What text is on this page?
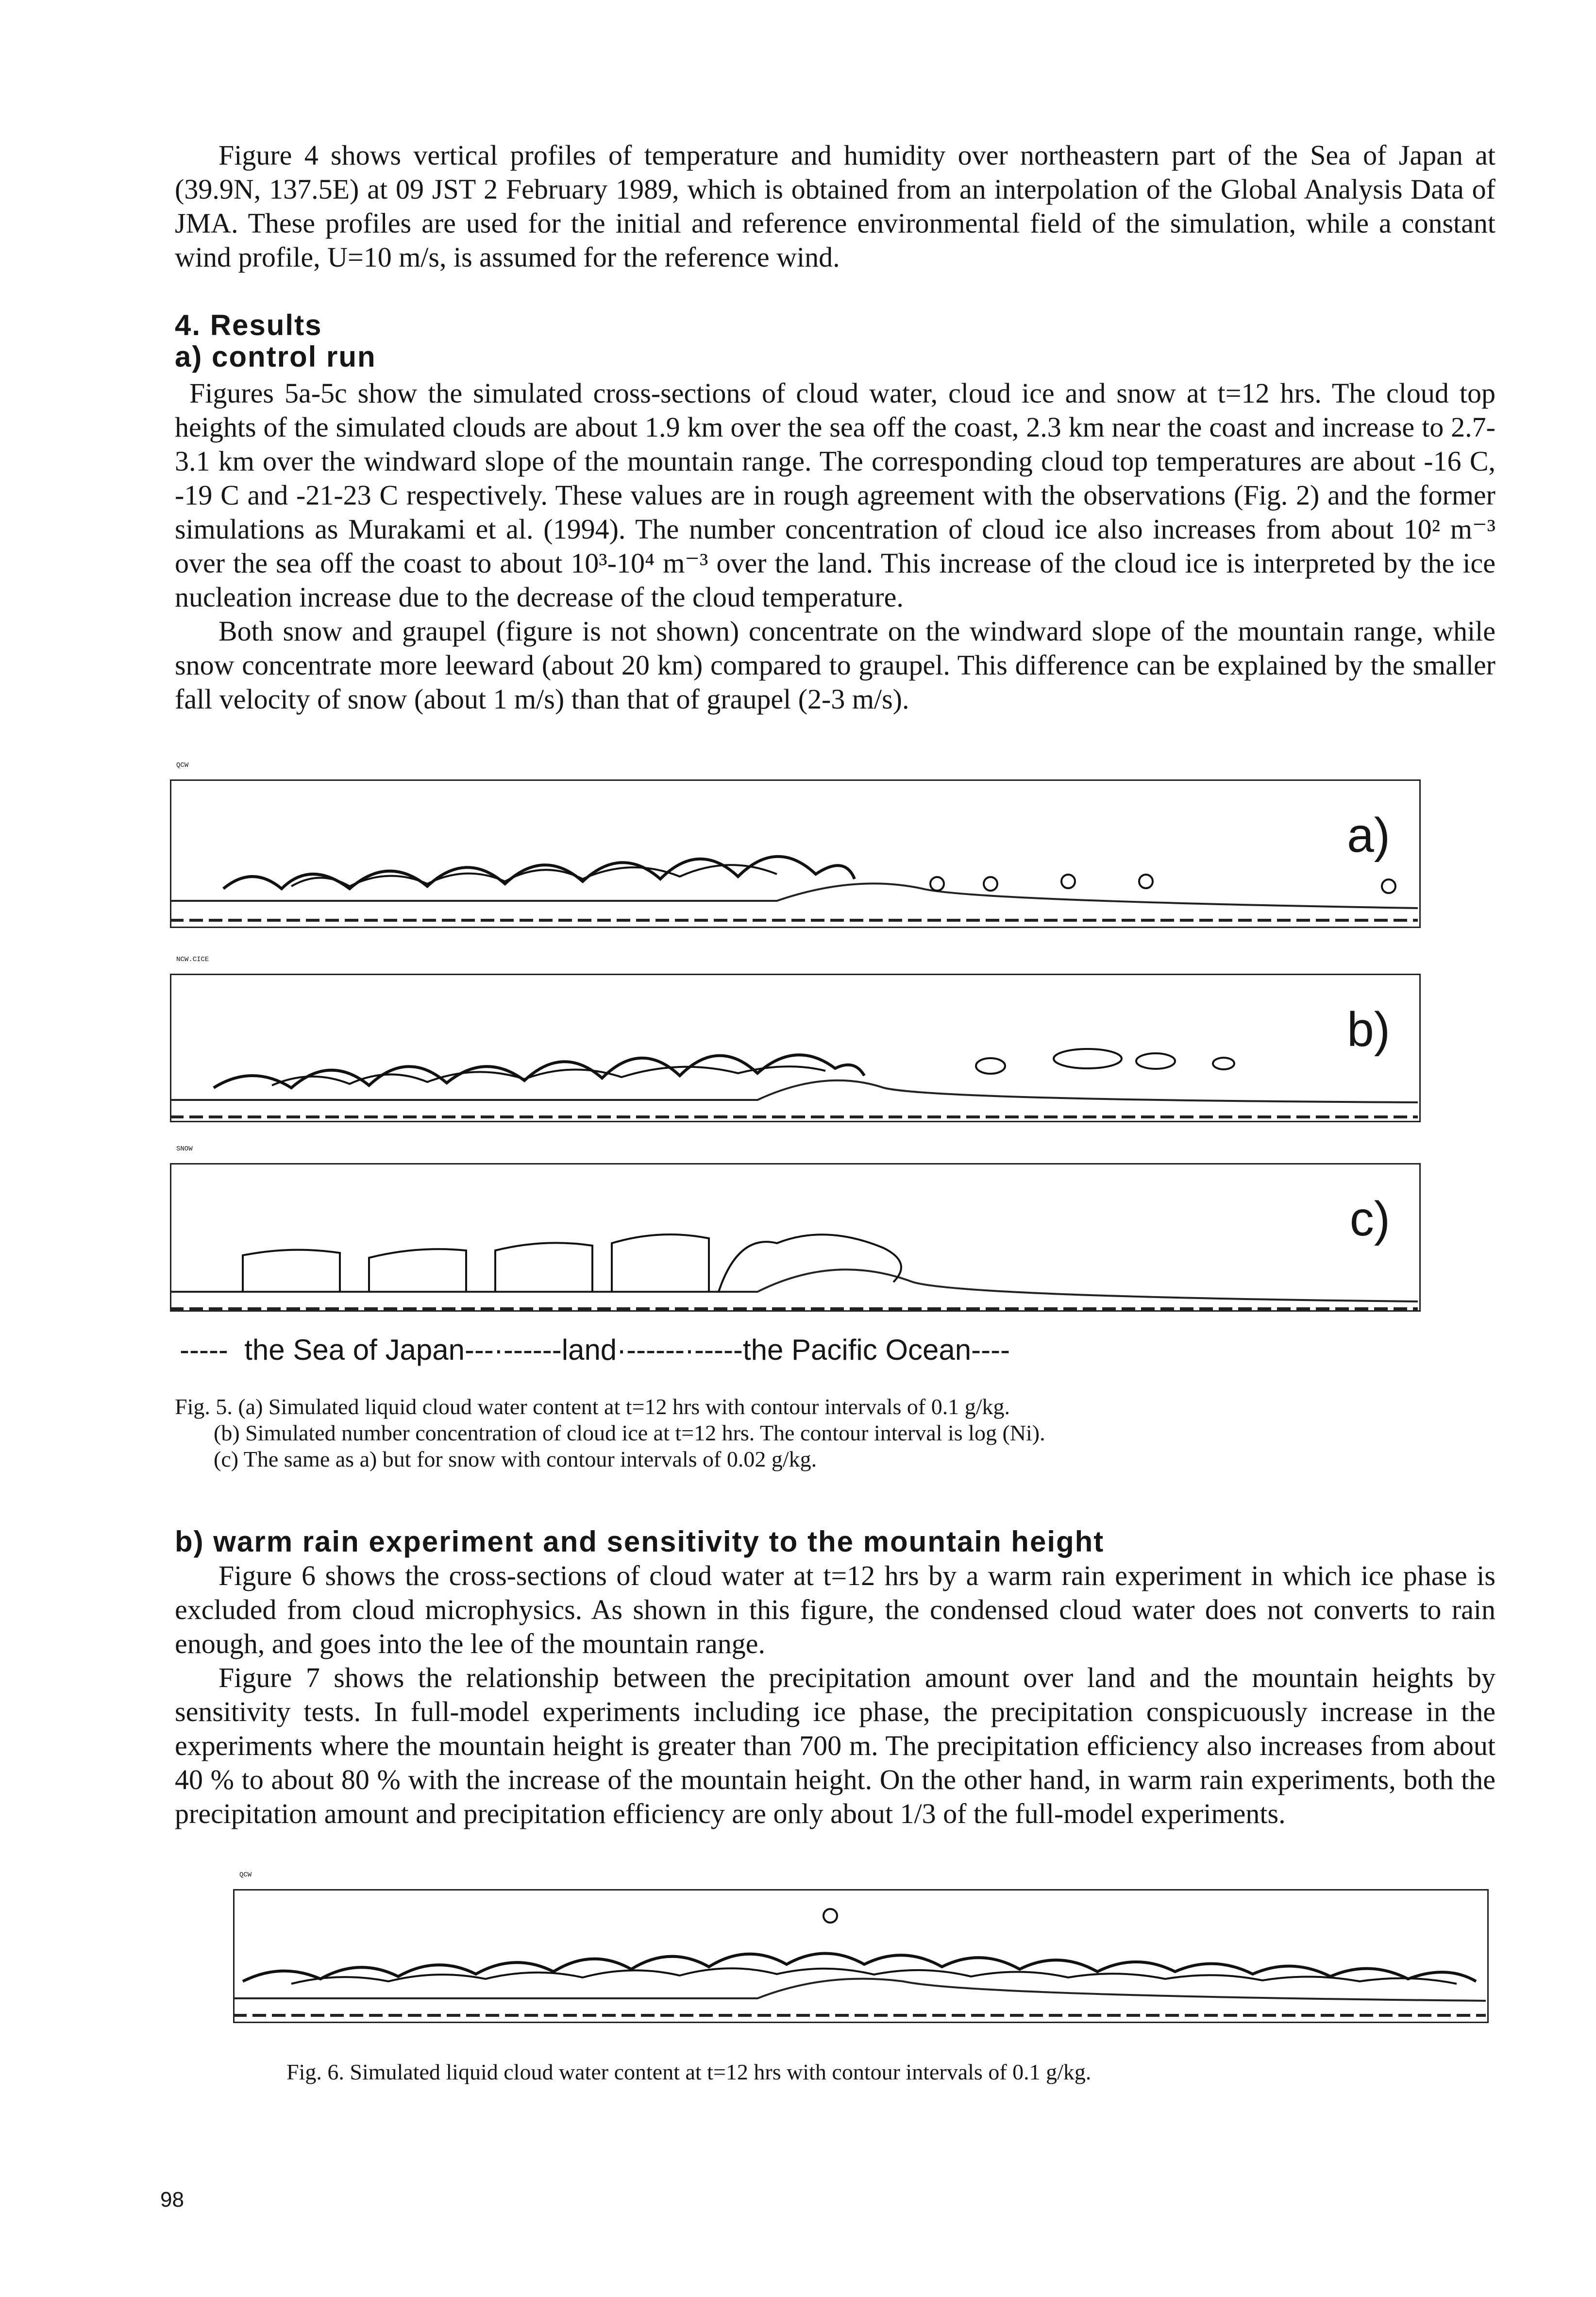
Figure 4 shows vertical profiles of temperature and humidity over northeastern part of the Sea of Japan at (39.9N, 137.5E) at 09 JST 2 February 1989, which is obtained from an interpolation of the Global Analysis Data of JMA. These profiles are used for the initial and reference environmental field of the simulation, while a constant wind profile, U=10 m/s, is assumed for the reference wind.

4. Results
a) control run

Figures 5a-5c show the simulated cross-sections of cloud water, cloud ice and snow at t=12 hrs. The cloud top heights of the simulated clouds are about 1.9 km over the sea off the coast, 2.3 km near the coast and increase to 2.7-3.1 km over the windward slope of the mountain range. The corresponding cloud top temperatures are about -16 C, -19 C and -21-23 C respectively. These values are in rough agreement with the observations (Fig. 2) and the former simulations as Murakami et al. (1994). The number concentration of cloud ice also increases from about 10² m⁻³ over the sea off the coast to about 10³-10⁴ m⁻³ over the land. This increase of the cloud ice is interpreted by the ice nucleation increase due to the decrease of the cloud temperature.

Both snow and graupel (figure is not shown) concentrate on the windward slope of the mountain range, while snow concentrate more leeward (about 20 km) compared to graupel. This difference can be explained by the smaller fall velocity of snow (about 1 m/s) than that of graupel (2-3 m/s).

QCW
a)
NCW.CICE
b)
SNOW
c)
QCW
-----  the Sea of Japan---·------land·------·-----the Pacific Ocean----
Fig. 5. (a) Simulated liquid cloud water content at t=12 hrs with contour intervals of 0.1 g/kg.
(b) Simulated number concentration of cloud ice at t=12 hrs. The contour interval is log (Ni).
(c) The same as a) but for snow with contour intervals of 0.02 g/kg.
b) warm rain experiment and sensitivity to the mountain height

Figure 6 shows the cross-sections of cloud water at t=12 hrs by a warm rain experiment in which ice phase is excluded from cloud microphysics. As shown in this figure, the condensed cloud water does not converts to rain enough, and goes into the lee of the mountain range.

Figure 7 shows the relationship between the precipitation amount over land and the mountain heights by sensitivity tests. In full-model experiments including ice phase, the precipitation conspicuously increase in the experiments where the mountain height is greater than 700 m. The precipitation efficiency also increases from about 40 % to about 80 % with the increase of the mountain height. On the other hand, in warm rain experiments, both the precipitation amount and precipitation efficiency are only about 1/3 of the full-model experiments.

Fig. 6. Simulated liquid cloud water content at t=12 hrs with contour intervals of 0.1 g/kg.
98
